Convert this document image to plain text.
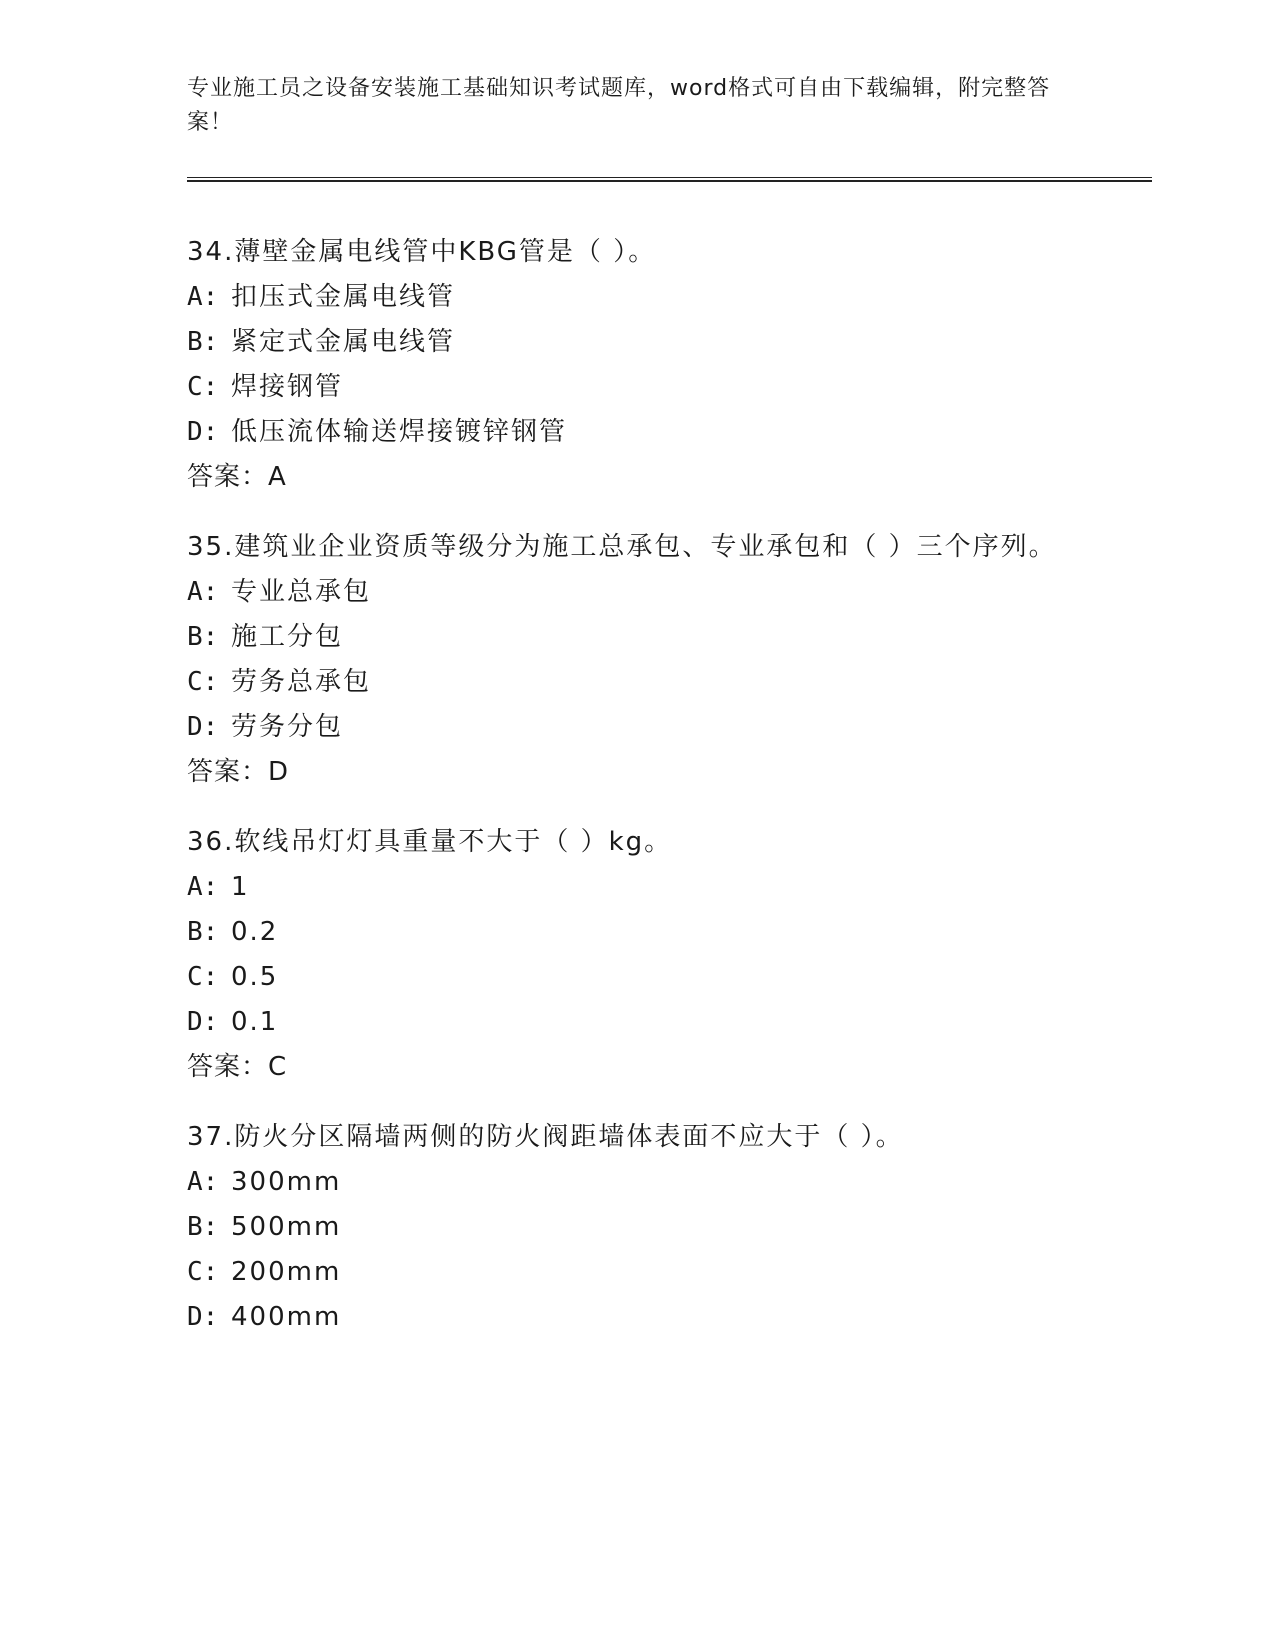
专业施工员之设备安装施工基础知识考试题库，word格式可自由下载编辑，附完整答案！
34.薄壁金属电线管中KBG管是（ ）。
A: 扣压式金属电线管
B: 紧定式金属电线管
C: 焊接钢管
D: 低压流体输送焊接镀锌钢管
答案：A
35.建筑业企业资质等级分为施工总承包、专业承包和（ ）三个序列。
A: 专业总承包
B: 施工分包
C: 劳务总承包
D: 劳务分包
答案：D
36.软线吊灯灯具重量不大于（ ）kg。
A: 1
B: 0.2
C: 0.5
D: 0.1
答案：C
37.防火分区隔墙两侧的防火阀距墙体表面不应大于（ ）。
A: 300mm
B: 500mm
C: 200mm
D: 400mm
